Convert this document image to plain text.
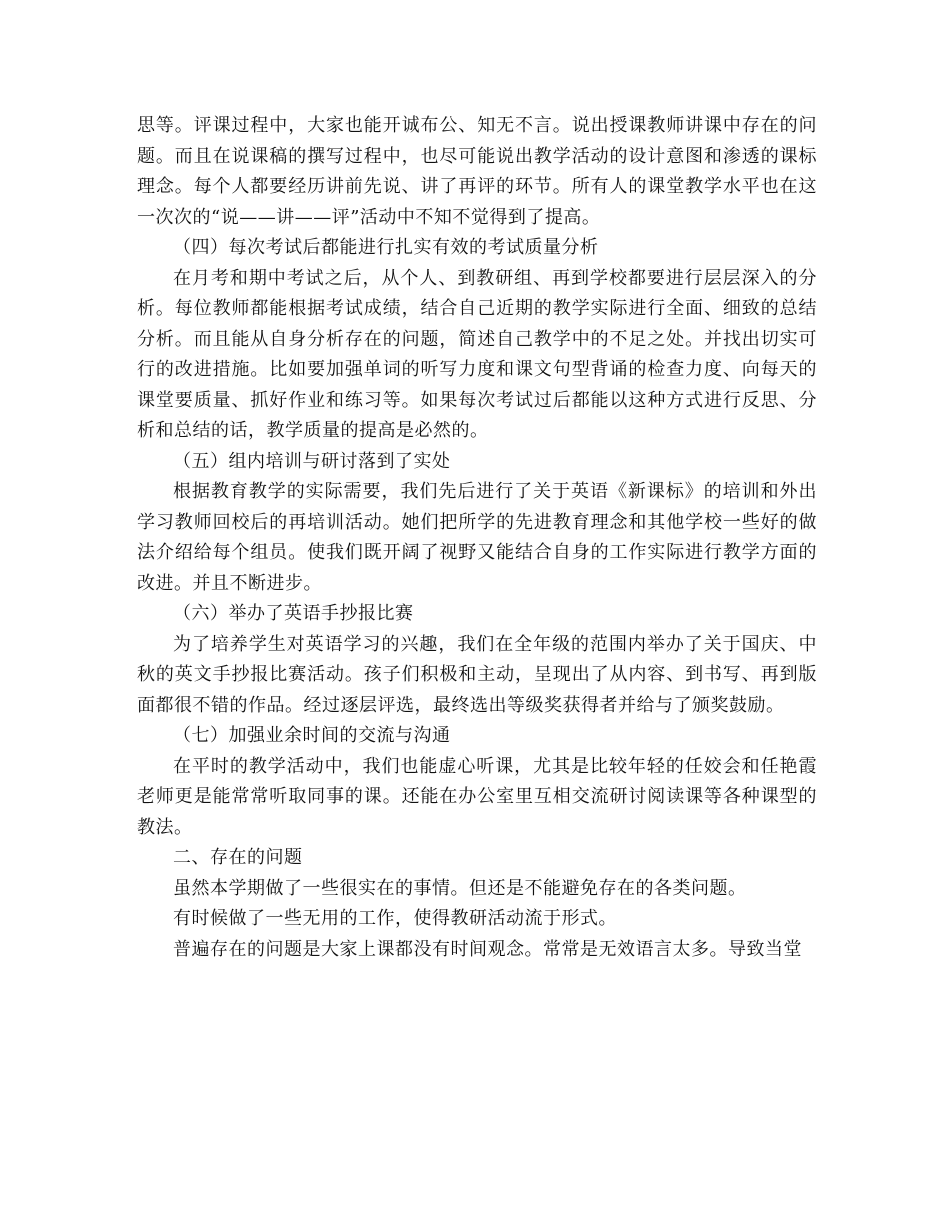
思等。评课过程中，大家也能开诚布公、知无不言。说出授课教师讲课中存在的问题。而且在说课稿的撰写过程中，也尽可能说出教学活动的设计意图和渗透的课标理念。每个人都要经历讲前先说、讲了再评的环节。所有人的课堂教学水平也在这一次次的“说——讲——评”活动中不知不觉得到了提高。

（四）每次考试后都能进行扎实有效的考试质量分析

在月考和期中考试之后，从个人、到教研组、再到学校都要进行层层深入的分析。每位教师都能根据考试成绩，结合自己近期的教学实际进行全面、细致的总结分析。而且能从自身分析存在的问题，简述自己教学中的不足之处。并找出切实可行的改进措施。比如要加强单词的听写力度和课文句型背诵的检查力度、向每天的课堂要质量、抓好作业和练习等。如果每次考试过后都能以这种方式进行反思、分析和总结的话，教学质量的提高是必然的。

（五）组内培训与研讨落到了实处

根据教育教学的实际需要，我们先后进行了关于英语《新课标》的培训和外出学习教师回校后的再培训活动。她们把所学的先进教育理念和其他学校一些好的做法介绍给每个组员。使我们既开阔了视野又能结合自身的工作实际进行教学方面的改进。并且不断进步。

（六）举办了英语手抄报比赛

为了培养学生对英语学习的兴趣，我们在全年级的范围内举办了关于国庆、中秋的英文手抄报比赛活动。孩子们积极和主动，呈现出了从内容、到书写、再到版面都很不错的作品。经过逐层评选，最终选出等级奖获得者并给与了颁奖鼓励。

（七）加强业余时间的交流与沟通

在平时的教学活动中，我们也能虚心听课，尤其是比较年轻的任姣会和任艳霞老师更是能常常听取同事的课。还能在办公室里互相交流研讨阅读课等各种课型的教法。

二、存在的问题

虽然本学期做了一些很实在的事情。但还是不能避免存在的各类问题。

有时候做了一些无用的工作，使得教研活动流于形式。

普遍存在的问题是大家上课都没有时间观念。常常是无效语言太多。导致当堂
